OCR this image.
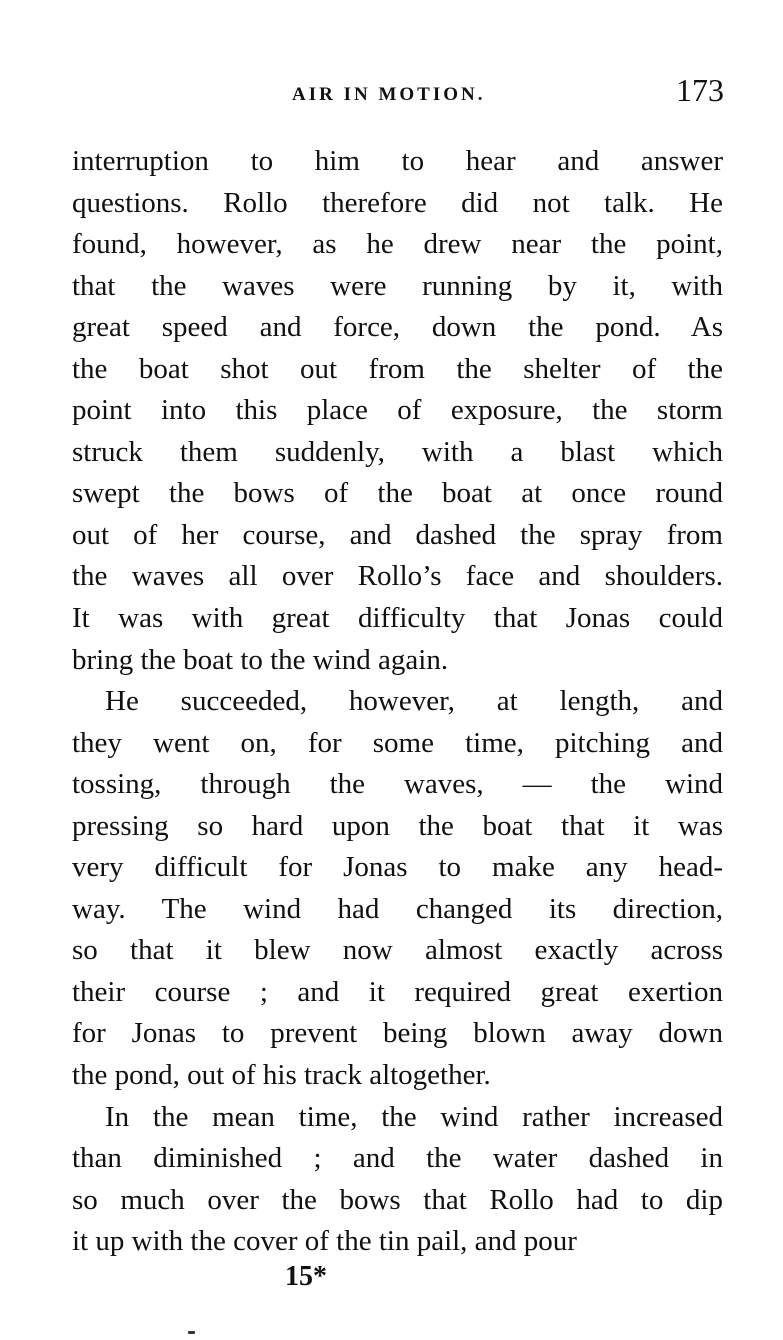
AIR IN MOTION.	173
interruption to him to hear and answer
questions. Rollo therefore did not talk. He
found, however, as he drew near the point,
that the waves were running by it, with
great speed and force, down the pond. As
the boat shot out from the shelter of the
point into this place of exposure, the storm
struck them suddenly, with a blast which
swept the bows of the boat at once round
out of her course, and dashed the spray from
the waves all over Rollo’s face and shoulders.
It was with great difficulty that Jonas could
bring the boat to the wind again.
He succeeded, however, at length, and
they went on, for some time, pitching and
tossing, through the waves, — the wind
pressing so hard upon the boat that it was
very difficult for Jonas to make any head-
way. The wind had changed its direction,
so that it blew now almost exactly across
their course ; and it required great exertion
for Jonas to prevent being blown away down
the pond, out of his track altogether.
In the mean time, the wind rather increased
than diminished ; and the water dashed in
so much over the bows that Rollo had to dip
it up with the cover of the tin pail, and pour
15*
